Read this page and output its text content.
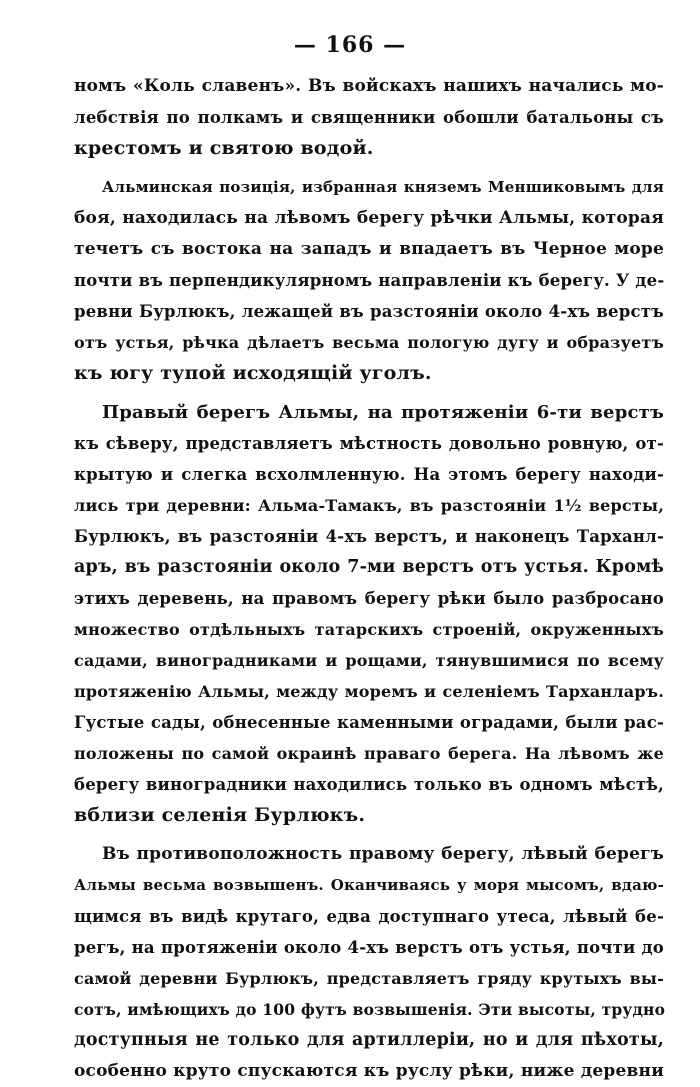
— 166 —
номъ «Коль славенъ». Въ войскахъ нашихъ начались мо-
лебствія по полкамъ и священники обошли батальоны съ
крестомъ и святою водой.
Альминская позиція, избранная княземъ Меншиковымъ для
боя, находилась на лѣвомъ берегу рѣчки Альмы, которая
течетъ съ востока на западъ и впадаетъ въ Черное море
почти въ перпендикулярномъ направленіи къ берегу. У де-
ревни Бурлюкъ, лежащей въ разстояніи около 4-хъ верстъ
отъ устья, рѣчка дѣлаетъ весьма пологую дугу и образуетъ
къ югу тупой исходящій уголъ.
Правый берегъ Альмы, на протяженіи 6-ти верстъ
къ сѣверу, представляетъ мѣстность довольно ровную, от-
крытую и слегка всхолмленную. На этомъ берегу находи-
лись три деревни: Альма-Тамакъ, въ разстояніи 1½ версты,
Бурлюкъ, въ разстояніи 4-хъ верстъ, и наконецъ Тарханл-
аръ, въ разстояніи около 7-ми верстъ отъ устья. Кромѣ
этихъ деревень, на правомъ берегу рѣки было разбросано
множество отдѣльныхъ татарскихъ строеній, окруженныхъ
садами, виноградниками и рощами, тянувшимися по всему
протяженію Альмы, между моремъ и селеніемъ Тарханларъ.
Густые сады, обнесенные каменными оградами, были рас-
положены по самой окраинѣ праваго берега. На лѣвомъ же
берегу виноградники находились только въ одномъ мѣстѣ,
вблизи селенія Бурлюкъ.
Въ противоположность правому берегу, лѣвый берегъ
Альмы весьма возвышенъ. Оканчиваясь у моря мысомъ, вдаю-
щимся въ видѣ крутаго, едва доступнаго утеса, лѣвый бе-
регъ, на протяженіи около 4-хъ верстъ отъ устья, почти до
самой деревни Бурлюкъ, представляетъ гряду крутыхъ вы-
сотъ, имѣющихъ до 100 футъ возвышенія. Эти высоты, трудно
доступныя не только для артиллеріи, но и для пѣхоты,
особенно круто спускаются къ руслу рѣки, ниже деревни
